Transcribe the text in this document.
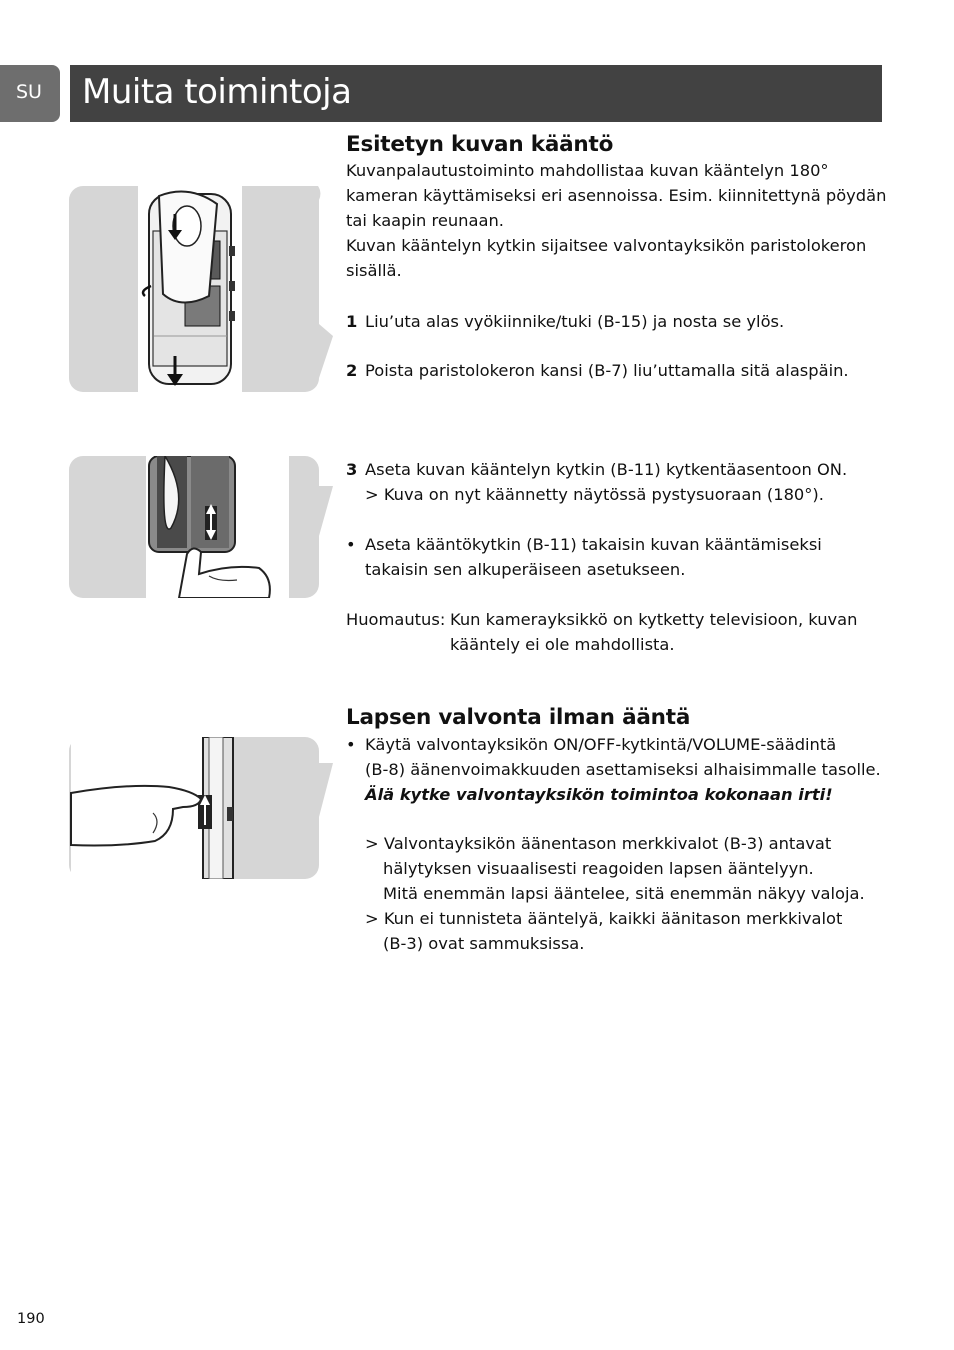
SU Muita toimintoja
Esitetyn kuvan kääntö
Kuvanpalautustoiminto mahdollistaa kuvan kääntelyn 180°
kameran käyttämiseksi eri asennoissa. Esim. kiinnitettynä pöydän
tai kaapin reunaan.
Kuvan kääntelyn kytkin sijaitsee valvontayksikön paristolokeron
sisällä.
1 Liu’uta alas vyökiinnike/tuki (B-15) ja nosta se ylös.
2 Poista paristolokeron kansi (B-7) liu’uttamalla sitä alaspäin.
3 Aseta kuvan kääntelyn kytkin (B-11) kytkentäasentoon ON.
> Kuva on nyt käännetty näytössä pystysuoraan (180°).
• Aseta kääntökytkin (B-11) takaisin kuvan kääntämiseksi
takaisin sen alkuperäiseen asetukseen.
Huomautus: Kun kamerayksikkö on kytketty televisioon, kuvan
kääntely ei ole mahdollista.
Lapsen valvonta ilman ääntä
• Käytä valvontayksikön ON/OFF-kytkintä/VOLUME-säädintä
(B-8) äänenvoimakkuuden asettamiseksi alhaisimmalle tasolle.
Älä kytke valvontayksikön toimintoa kokonaan irti!
> Valvontayksikön äänentason merkkivalot (B-3) antavat
hälytyksen visuaalisesti reagoiden lapsen ääntelyyn.
Mitä enemmän lapsi ääntelee, sitä enemmän näkyy valoja.
> Kun ei tunnisteta ääntelyä, kaikki äänitason merkkivalot
(B-3) ovat sammuksissa.
190
